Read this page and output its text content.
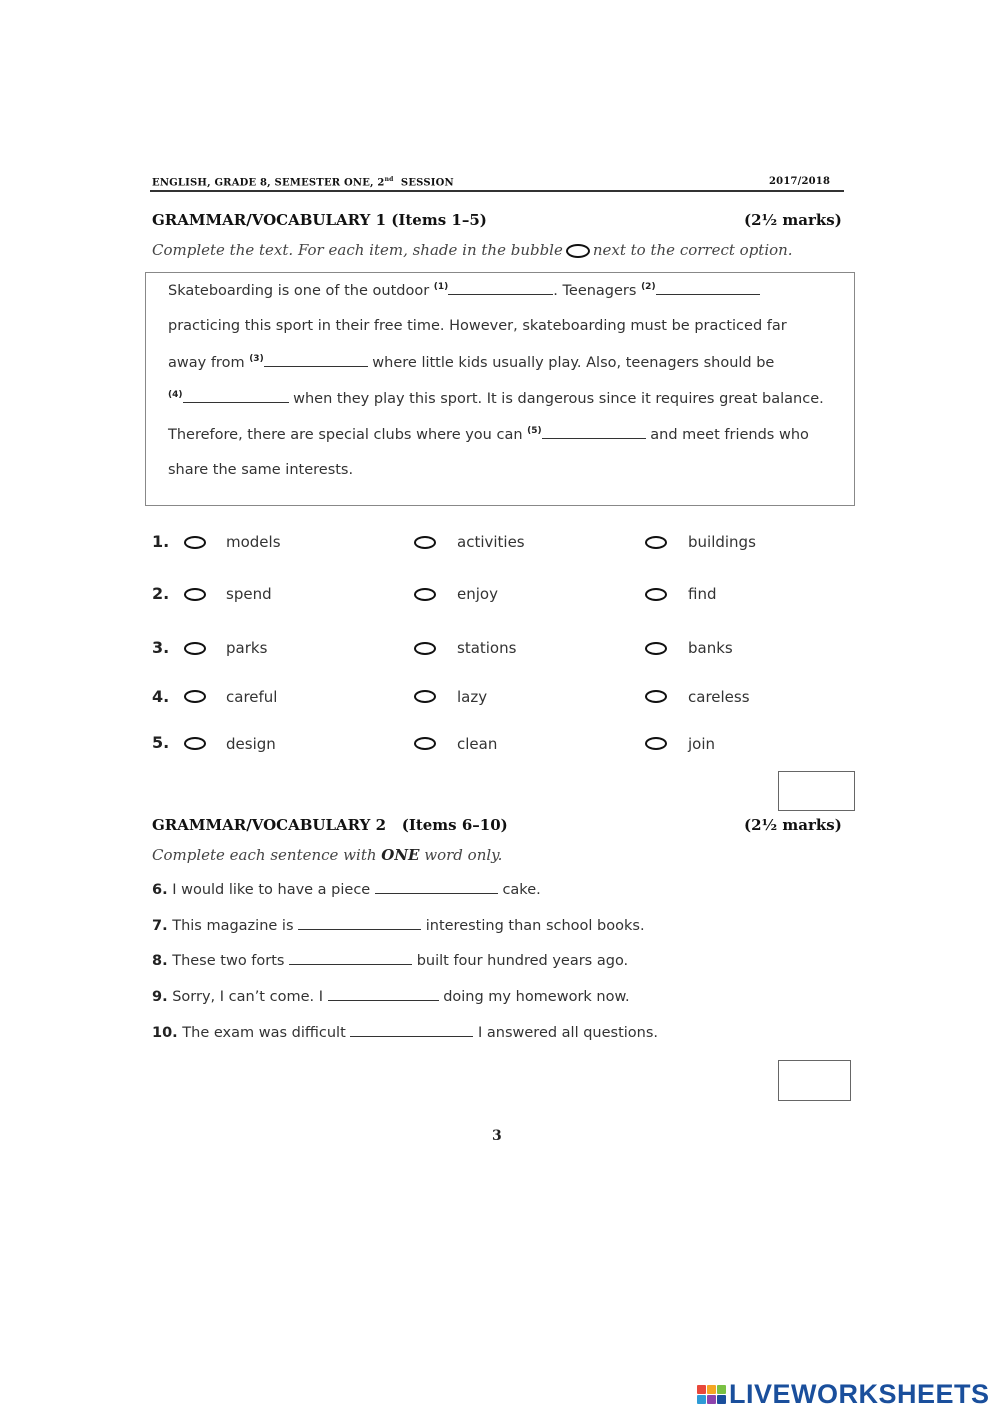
ENGLISH, GRADE 8, SEMESTER ONE, 2nd SESSION	2017/2018
GRAMMAR/VOCABULARY 1 (Items 1–5)	(2½ marks)
Complete the text. For each item, shade in the bubble next to the correct option.
Skateboarding is one of the outdoor $^{(1)}$	. Teenagers $^{(2)}$
practicing this sport in their free time. However, skateboarding must be practiced far
away from $^{(3)}$	where little kids usually play. Also, teenagers should be
$^{(4)}$	when they play this sport. It is dangerous since it requires great balance.
Therefore, there are special clubs where you can $^{(5)}$	and meet friends who
share the same interests.
1.	models	activities	buildings
2.	spend	enjoy	find
3.	parks	stations	banks
4.	careful	lazy	careless
5.	design	clean	join
GRAMMAR/VOCABULARY 2 (Items 6–10)	(2½ marks)
Complete each sentence with ONE word only.
6. I would like to have a piece	cake.
7. This magazine is	interesting than school books.
8. These two forts	built four hundred years ago.
9. Sorry, I can’t come. I	doing my homework now.
10. The exam was difficult	I answered all questions.
3
LIVEWORKSHEETS
